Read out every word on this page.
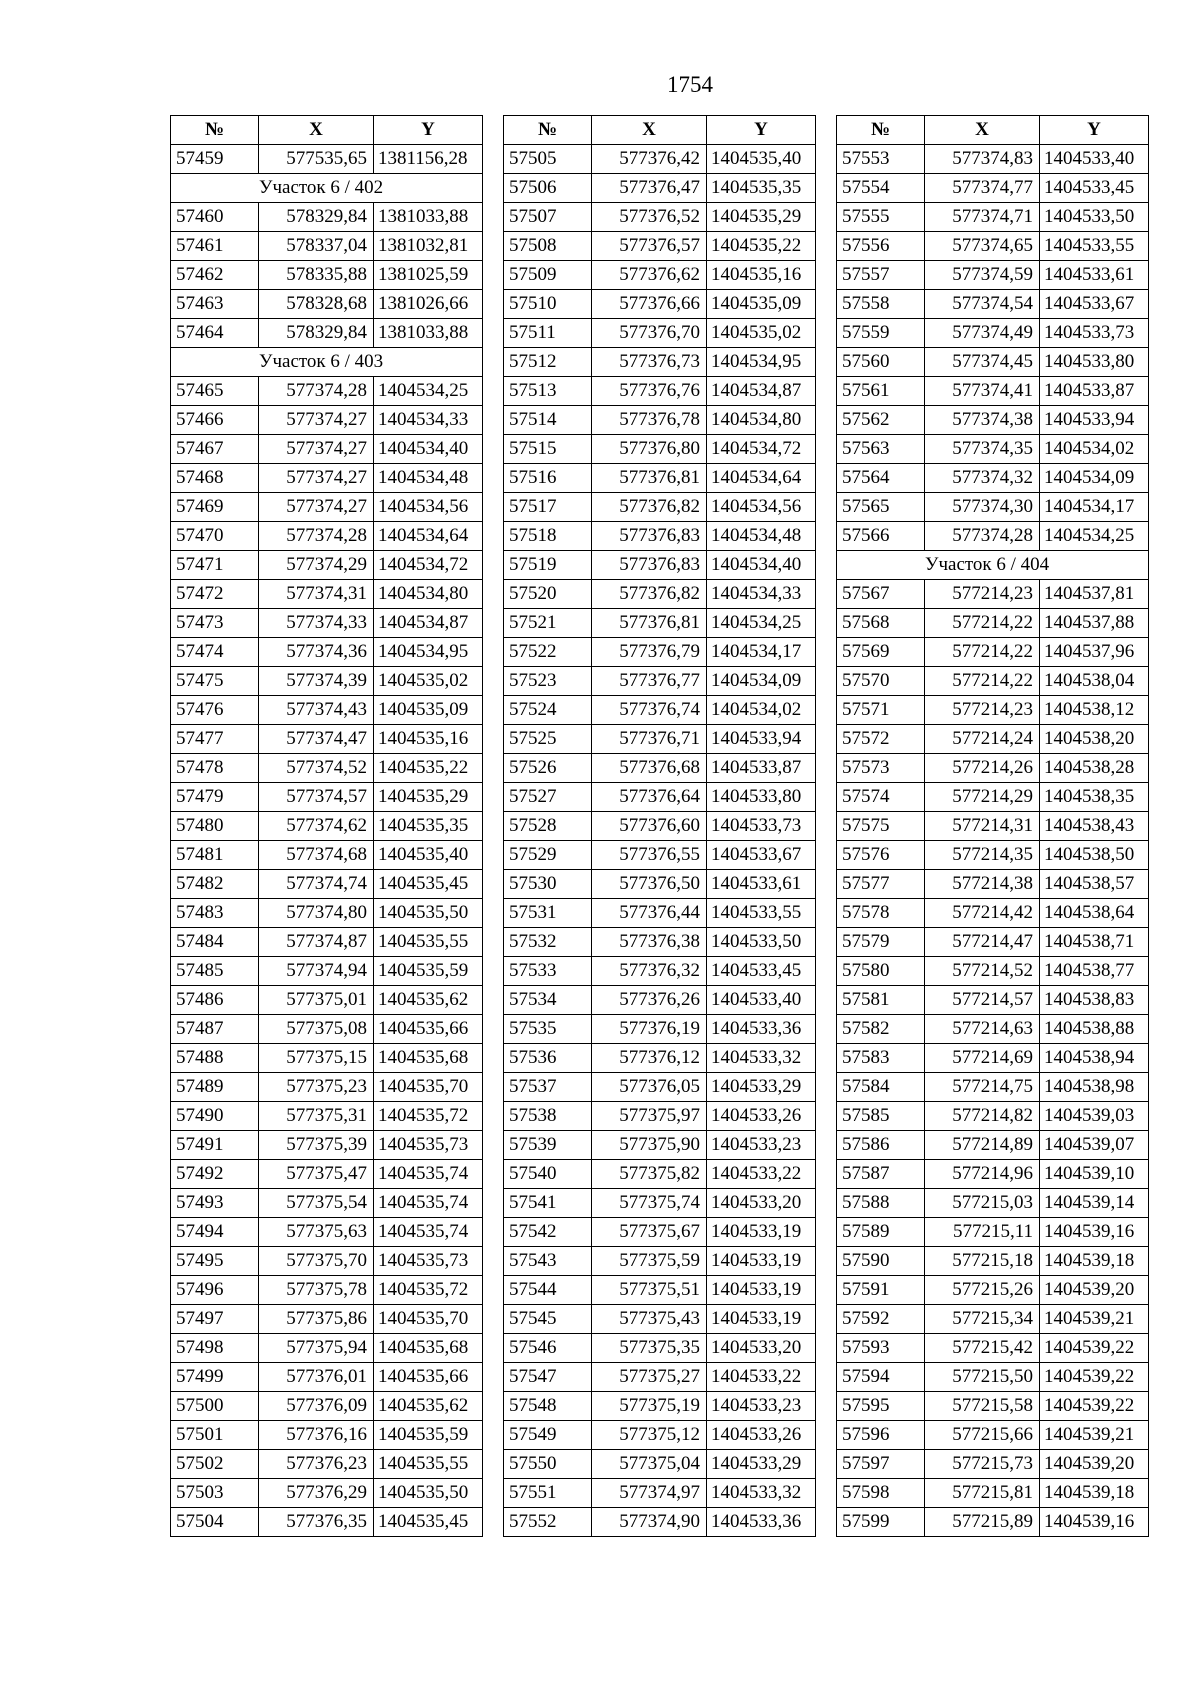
1754
№	X	Y
57459	577535,65	1381156,28
Участок 6 / 402		
57460	578329,84	1381033,88
57461	578337,04	1381032,81
57462	578335,88	1381025,59
57463	578328,68	1381026,66
57464	578329,84	1381033,88
Участок 6 / 403		
57465	577374,28	1404534,25
57466	577374,27	1404534,33
57467	577374,27	1404534,40
57468	577374,27	1404534,48
57469	577374,27	1404534,56
57470	577374,28	1404534,64
57471	577374,29	1404534,72
57472	577374,31	1404534,80
57473	577374,33	1404534,87
57474	577374,36	1404534,95
57475	577374,39	1404535,02
57476	577374,43	1404535,09
57477	577374,47	1404535,16
57478	577374,52	1404535,22
57479	577374,57	1404535,29
57480	577374,62	1404535,35
57481	577374,68	1404535,40
57482	577374,74	1404535,45
57483	577374,80	1404535,50
57484	577374,87	1404535,55
57485	577374,94	1404535,59
57486	577375,01	1404535,62
57487	577375,08	1404535,66
57488	577375,15	1404535,68
57489	577375,23	1404535,70
57490	577375,31	1404535,72
57491	577375,39	1404535,73
57492	577375,47	1404535,74
57493	577375,54	1404535,74
57494	577375,63	1404535,74
57495	577375,70	1404535,73
57496	577375,78	1404535,72
57497	577375,86	1404535,70
57498	577375,94	1404535,68
57499	577376,01	1404535,66
57500	577376,09	1404535,62
57501	577376,16	1404535,59
57502	577376,23	1404535,55
57503	577376,29	1404535,50
57504	577376,35	1404535,45
№	X	Y
57505	577376,42	1404535,40
57506	577376,47	1404535,35
57507	577376,52	1404535,29
57508	577376,57	1404535,22
57509	577376,62	1404535,16
57510	577376,66	1404535,09
57511	577376,70	1404535,02
57512	577376,73	1404534,95
57513	577376,76	1404534,87
57514	577376,78	1404534,80
57515	577376,80	1404534,72
57516	577376,81	1404534,64
57517	577376,82	1404534,56
57518	577376,83	1404534,48
57519	577376,83	1404534,40
57520	577376,82	1404534,33
57521	577376,81	1404534,25
57522	577376,79	1404534,17
57523	577376,77	1404534,09
57524	577376,74	1404534,02
57525	577376,71	1404533,94
57526	577376,68	1404533,87
57527	577376,64	1404533,80
57528	577376,60	1404533,73
57529	577376,55	1404533,67
57530	577376,50	1404533,61
57531	577376,44	1404533,55
57532	577376,38	1404533,50
57533	577376,32	1404533,45
57534	577376,26	1404533,40
57535	577376,19	1404533,36
57536	577376,12	1404533,32
57537	577376,05	1404533,29
57538	577375,97	1404533,26
57539	577375,90	1404533,23
57540	577375,82	1404533,22
57541	577375,74	1404533,20
57542	577375,67	1404533,19
57543	577375,59	1404533,19
57544	577375,51	1404533,19
57545	577375,43	1404533,19
57546	577375,35	1404533,20
57547	577375,27	1404533,22
57548	577375,19	1404533,23
57549	577375,12	1404533,26
57550	577375,04	1404533,29
57551	577374,97	1404533,32
57552	577374,90	1404533,36
№	X	Y
57553	577374,83	1404533,40
57554	577374,77	1404533,45
57555	577374,71	1404533,50
57556	577374,65	1404533,55
57557	577374,59	1404533,61
57558	577374,54	1404533,67
57559	577374,49	1404533,73
57560	577374,45	1404533,80
57561	577374,41	1404533,87
57562	577374,38	1404533,94
57563	577374,35	1404534,02
57564	577374,32	1404534,09
57565	577374,30	1404534,17
57566	577374,28	1404534,25
Участок 6 / 404		
57567	577214,23	1404537,81
57568	577214,22	1404537,88
57569	577214,22	1404537,96
57570	577214,22	1404538,04
57571	577214,23	1404538,12
57572	577214,24	1404538,20
57573	577214,26	1404538,28
57574	577214,29	1404538,35
57575	577214,31	1404538,43
57576	577214,35	1404538,50
57577	577214,38	1404538,57
57578	577214,42	1404538,64
57579	577214,47	1404538,71
57580	577214,52	1404538,77
57581	577214,57	1404538,83
57582	577214,63	1404538,88
57583	577214,69	1404538,94
57584	577214,75	1404538,98
57585	577214,82	1404539,03
57586	577214,89	1404539,07
57587	577214,96	1404539,10
57588	577215,03	1404539,14
57589	577215,11	1404539,16
57590	577215,18	1404539,18
57591	577215,26	1404539,20
57592	577215,34	1404539,21
57593	577215,42	1404539,22
57594	577215,50	1404539,22
57595	577215,58	1404539,22
57596	577215,66	1404539,21
57597	577215,73	1404539,20
57598	577215,81	1404539,18
57599	577215,89	1404539,16
